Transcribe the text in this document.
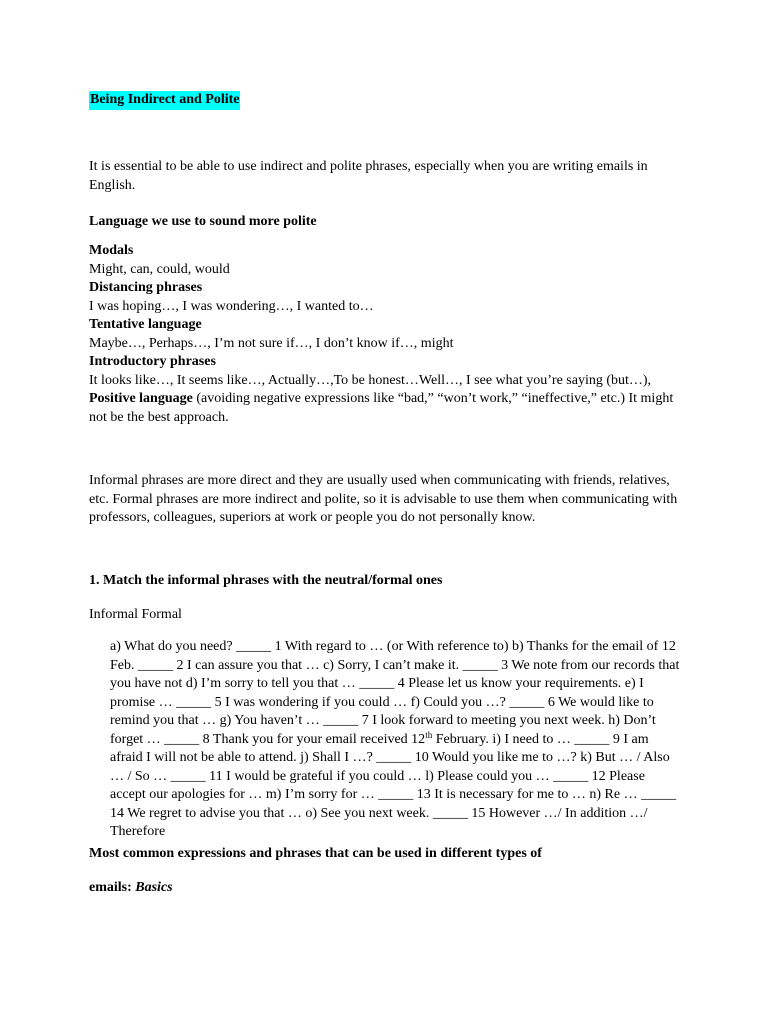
Being Indirect and Polite
It is essential to be able to use indirect and polite phrases, especially when you are writing emails in English.
Language we use to sound more polite
Modals
Might, can, could, would
Distancing phrases
I was hoping…, I was wondering…, I wanted to…
Tentative language
Maybe…, Perhaps…, I’m not sure if…, I don’t know if…, might
Introductory phrases
It looks like…, It seems like…, Actually…,To be honest…Well…, I see what you’re saying (but…),
Positive language (avoiding negative expressions like “bad,” “won’t work,” “ineffective,” etc.) It might not be the best approach.
Informal phrases are more direct and they are usually used when communicating with friends, relatives, etc. Formal phrases are more indirect and polite, so it is advisable to use them when communicating with professors, colleagues, superiors at work or people you do not personally know.
1. Match the informal phrases with the neutral/formal ones
Informal Formal
a) What do you need? _____ 1 With regard to … (or With reference to) b) Thanks for the email of 12 Feb. _____ 2 I can assure you that … c) Sorry, I can’t make it. _____ 3 We note from our records that you have not d) I’m sorry to tell you that … _____ 4 Please let us know your requirements. e) I promise … _____ 5 I was wondering if you could … f) Could you …? _____ 6 We would like to remind you that … g) You haven’t … _____ 7 I look forward to meeting you next week. h) Don’t forget … _____ 8 Thank you for your email received 12th February. i) I need to … _____ 9 I am afraid I will not be able to attend. j) Shall I …? _____ 10 Would you like me to …? k) But … / Also … / So … _____ 11 I would be grateful if you could … l) Please could you … _____ 12 Please accept our apologies for … m) I’m sorry for … _____ 13 It is necessary for me to … n) Re … _____ 14 We regret to advise you that … o) See you next week. _____ 15 However …/ In addition …/ Therefore
Most common expressions and phrases that can be used in different types of
emails: Basics
